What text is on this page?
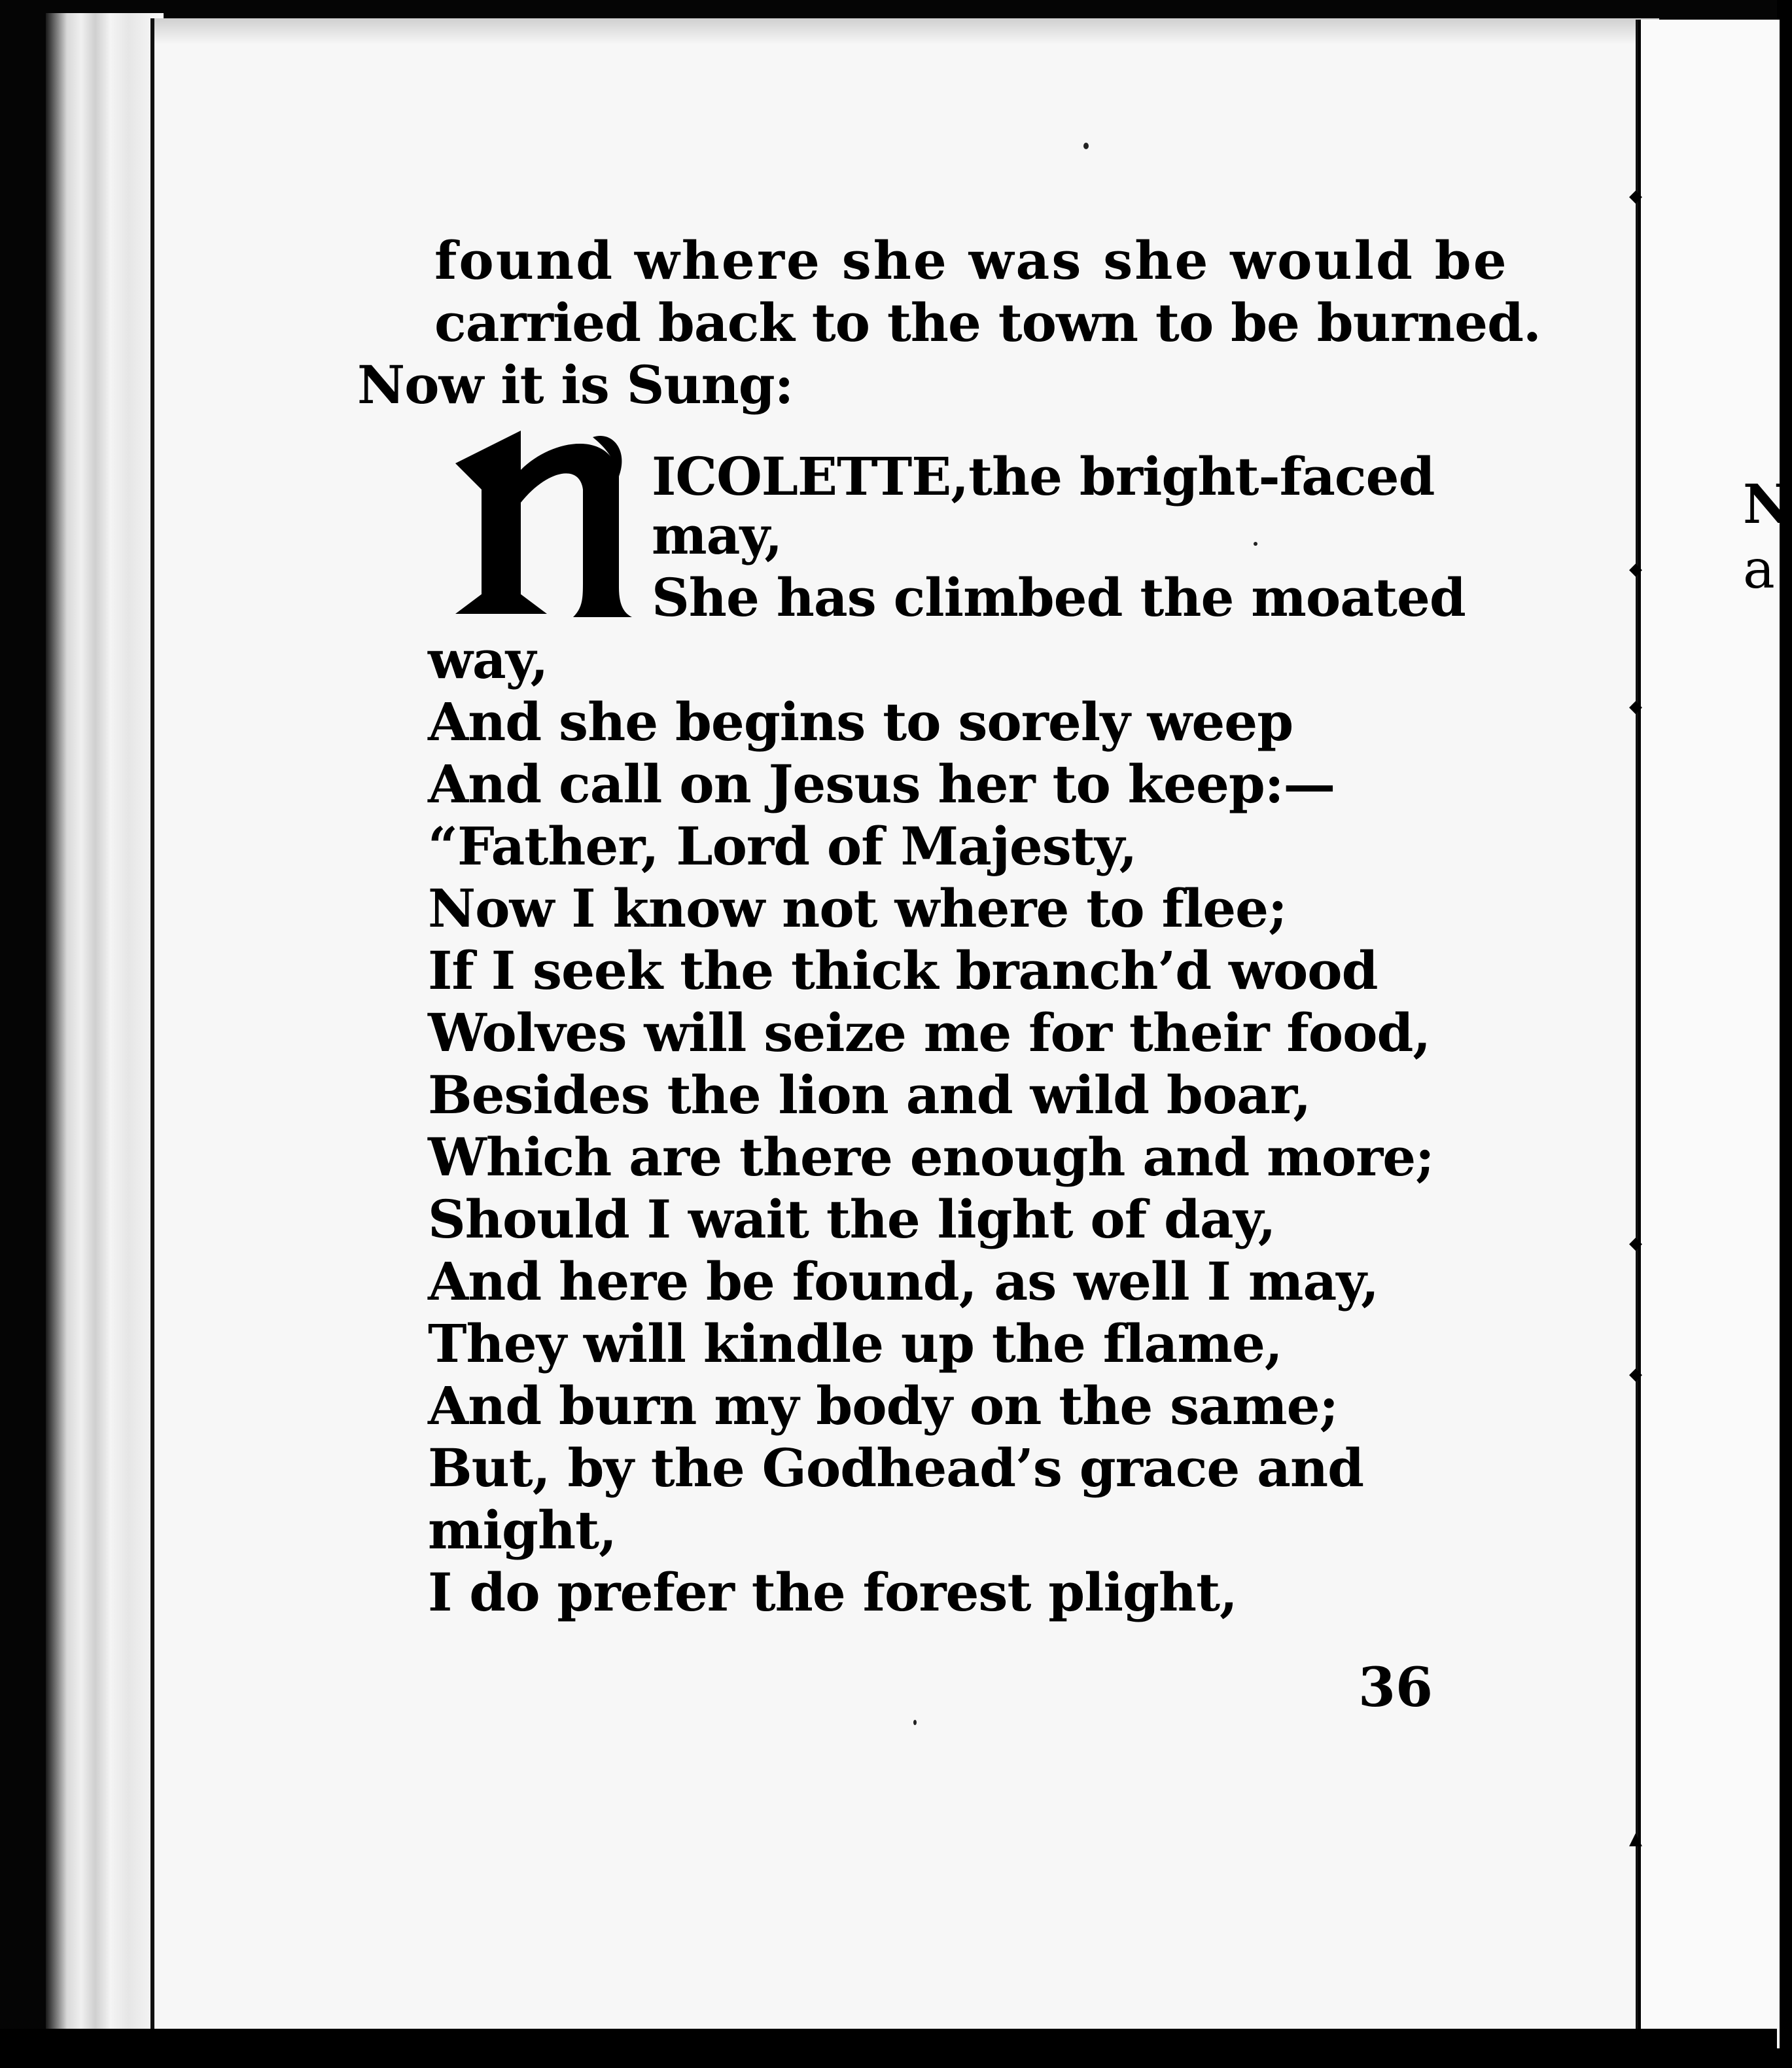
found where she was she would be
carried back to the town to be burned.
Now it is Sung:
ICOLETTE,the bright-faced
may,
She has climbed the moated
way,
And she begins to sorely weep
And call on Jesus her to keep:—
“Father, Lord of Majesty,
Now I know not where to flee;
If I seek the thick branch’d wood
Wolves will seize me for their food,
Besides the lion and wild boar,
Which are there enough and more;
Should I wait the light of day,
And here be found, as well I may,
They will kindle up the flame,
And burn my body on the same;
But, by the Godhead’s grace and
might,
I do prefer the forest plight,
36
◆
◆
◆
◆
◆
▲
N
a
